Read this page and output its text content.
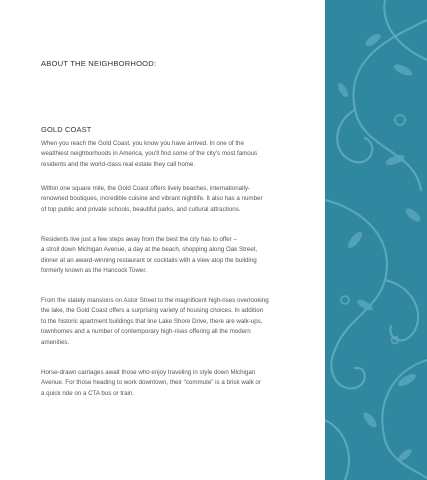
ABOUT THE NEIGHBORHOOD:
GOLD COAST

When you reach the Gold Coast, you know you have arrived. In one of the
wealthiest neighborhoods in America, you'll find some of the city's most famous
residents and the world-class real estate they call home.

Within one square mile, the Gold Coast offers lively beaches, internationally-
renowned boutiques, incredible cuisine and vibrant nightlife. It also has a number
of top public and private schools, beautiful parks, and cultural attractions.

Residents live just a few steps away from the best the city has to offer –
a stroll down Michigan Avenue, a day at the beach, shopping along Oak Street,
dinner at an award-winning restaurant or cocktails with a view atop the building
formerly known as the Hancock Tower.

From the stately mansions on Astor Street to the magnificent high-rises overlooking
the lake, the Gold Coast offers a surprising variety of housing choices. In addition
to the historic apartment buildings that line Lake Shore Drive, there are walk-ups,
townhomes and a number of contemporary high-rises offering all the modern
amenities.

Horse-drawn carriages await those who enjoy traveling in style down Michigan
Avenue. For those heading to work downtown, their "commute" is a brisk walk or
a quick ride on a CTA bus or train.
